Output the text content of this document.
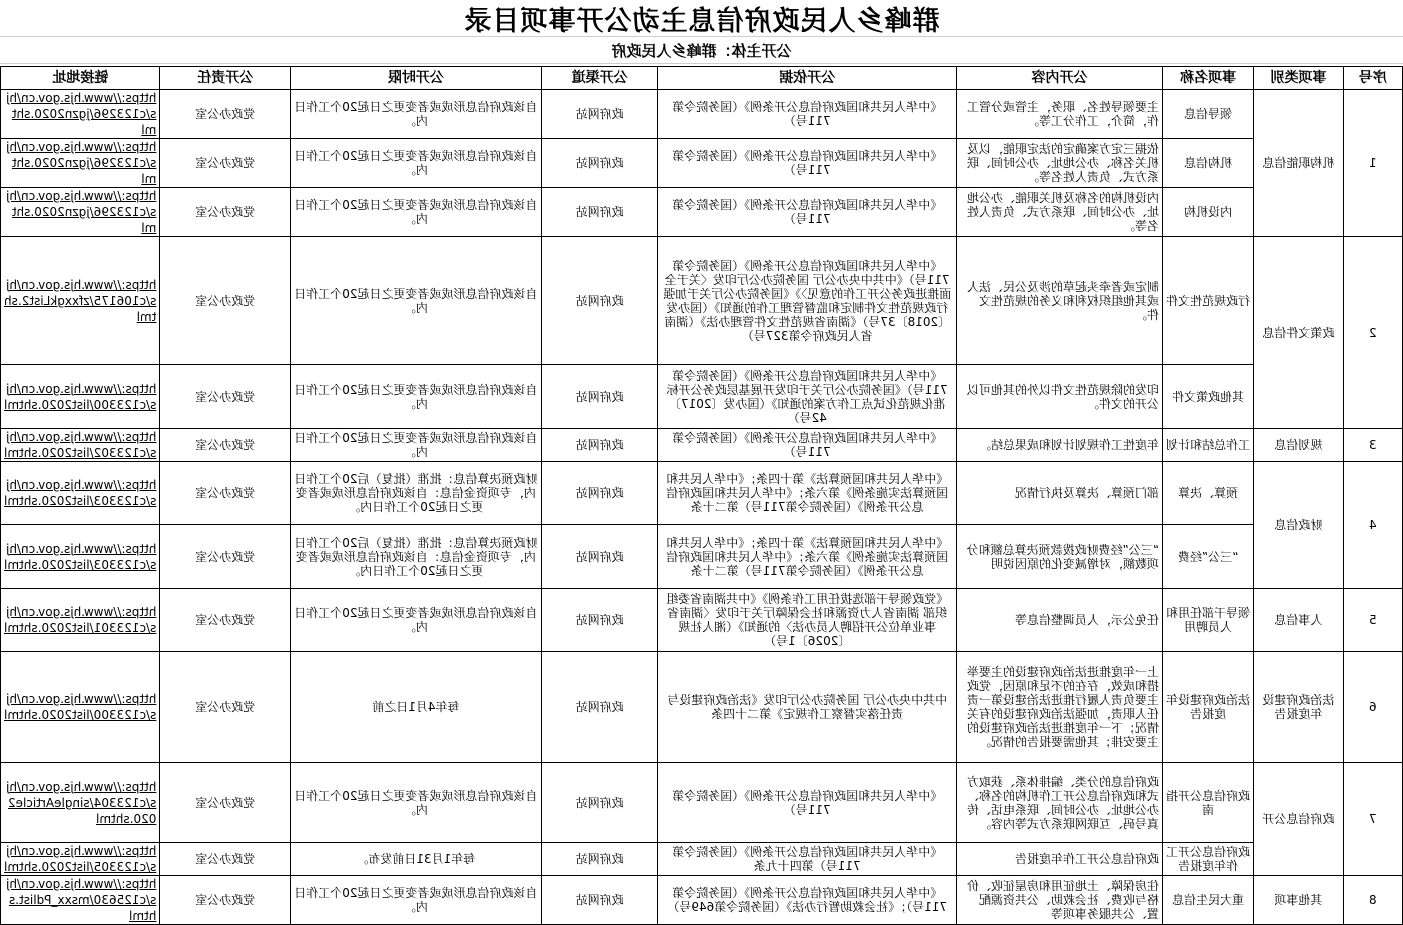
群峰乡人民政府信息主动公开事项目录
公开主体：群峰乡人民政府
序号	事项类别	事项名称	公开内容	公开依据	公开渠道	公开时限	公开责任	链接地址
1	机构职能信息	领导信息	主要领导姓名、职务，主管或分管工作，简介，工作分工等。	《中华人民共和国政府信息公开条例》（国务院令第711号）	政府网站	自该政府信息形成或者变更之日起20个工作日内。	党政办公室	https://www.hjs.gov.cn/hjs/c123296/jgzn2020.shtml
		机构信息	依据三定方案确定的法定职能，以及机关名称、办公地址、办公时间、联系方式、负责人姓名等。	《中华人民共和国政府信息公开条例》（国务院令第711号）	政府网站	自该政府信息形成或者变更之日起20个工作日内。	党政办公室	https://www.hjs.gov.cn/hjs/c123296/jgzn2020.shtml
		内设机构	内设机构的名称及机关职能、办公地址、办公时间、联系方式、负责人姓名等。	《中华人民共和国政府信息公开条例》（国务院令第711号）	政府网站	自该政府信息形成或者变更之日起20个工作日内。	党政办公室	https://www.hjs.gov.cn/hjs/c123296/jgzn2020.shtml
2	政策文件信息	行政规范性文件	制定或者牵头起草的涉及公民、法人或其他组织权利和义务的规范性文件。	《中华人民共和国政府信息公开条例》（国务院令第711号）《中共中央办公厅 国务院办公厅印发〈关于全面推进政务公开工作的意见〉》《国务院办公厅关于加强行政规范性文件制定和监督管理工作的通知》（国办发〔2018〕37号）《湖南省规范性文件管理办法》（湖南省人民政府令第327号）	政府网站	自该政府信息形成或者变更之日起20个工作日内。	党政办公室	https://www.hjs.gov.cn/hjs/c106175/zfxxgkList2.shtml
		其他政策文件	印发的除规范性文件以外的其他可以公开的文件。	《中华人民共和国政府信息公开条例》（国务院令第711号）《国务院办公厅关于印发开展基层政务公开标准化规范化试点工作方案的通知》（国办发〔2017〕42号）	政府网站	自该政府信息形成或者变更之日起20个工作日内。	党政办公室	https://www.hjs.gov.cn/hjs/c123300/list2020.shtml
3	规划信息	工作总结和计划	年度性工作规划计划和成果总结。	《中华人民共和国政府信息公开条例》（国务院令第711号）	政府网站	自该政府信息形成或者变更之日起20个工作日内。	党政办公室	https://www.hjs.gov.cn/hjs/c123302/list2020.shtml
4	财政信息	预算、决算	部门预算、决算及执行情况	《中华人民共和国预算法》第十四条；《中华人民共和国预算法实施条例》第六条；《中华人民共和国政府信息公开条例》（国务院令第711号）第二十条	政府网站	财政预决算信息：批准（批复）后20个工作日内，专项资金信息：自该政府信息形成或者变更之日起20个工作日内。	党政办公室	https://www.hjs.gov.cn/hjs/c123303/list2020.shtml
		“三公”经费	“三公”经费财政拨款预决算总额和分项数额，对增减变化的原因说明	《中华人民共和国预算法》第十四条；《中华人民共和国预算法实施条例》第六条；《中华人民共和国政府信息公开条例》（国务院令第711号）第二十条	政府网站	财政预决算信息：批准（批复）后20个工作日内，专项资金信息：自该政府信息形成或者变更之日起20个工作日内。	党政办公室	https://www.hjs.gov.cn/hjs/c123303/list2020.shtml
5	人事信息	领导干部任用和人员聘用	任免公示，人员调整信息等	《党政领导干部选拔任用工作条例》《中共湖南省委组织部 湖南省人力资源和社会保障厅关于印发〈湖南省事业单位公开招聘人员办法〉的通知》（湘人社规〔2026〕1号）	政府网站	自该政府信息形成或者变更之日起20个工作日内。	党政办公室	https://www.hjs.gov.cn/hjs/c123301/list2020.shtml
6	法治政府建设年度报告	法治政府建设年度报告	上一年度推进法治政府建设的主要举措和成效，存在的不足和原因，党政主要负责人履行推进法治建设第一责任人职责，加强法治政府建设的有关情况；下一年度推进法治政府建设的主要安排；其他需要报告的情况。	中共中央办公厅 国务院办公厅印发《法治政府建设与责任落实督察工作规定》第二十四条	政府网站	每年4月1日之前	党政办公室	https://www.hjs.gov.cn/hjs/c123300/list2020.shtml
7	政府信息公开	政府信息公开指南	政府信息的分类、编排体系、获取方式和政府信息公开工作机构的名称、办公地址、办公时间、联系电话、传真号码、互联网联系方式等内容。	《中华人民共和国政府信息公开条例》（国务院令第711号）	政府网站	自该政府信息形成或者变更之日起20个工作日内。	党政办公室	https://www.hjs.gov.cn/hjs/c123304/singleArticle2020.shtml
		政府信息公开工作年度报告	政府信息公开工作年度报告	《中华人民共和国政府信息公开条例》（国务院令第711号）第四十九条	政府网站	每年1月31日前发布。	党政办公室	https://www.hjs.gov.cn/hjs/c123305/list2020.shtml
8	其他事项	重大民生信息	住房保障、土地征用和房屋征收、价格与收费、社会救助、公共资源配置、公共服务事项等	《中华人民共和国政府信息公开条例》（国务院令第711号）；《社会救助暂行办法》（国务院令第649号）	政府网站	自该政府信息形成或者变更之日起20个工作日内。	党政办公室	https://www.hjs.gov.cn/hjs/c125630/msxx_Pdlist.shtml
